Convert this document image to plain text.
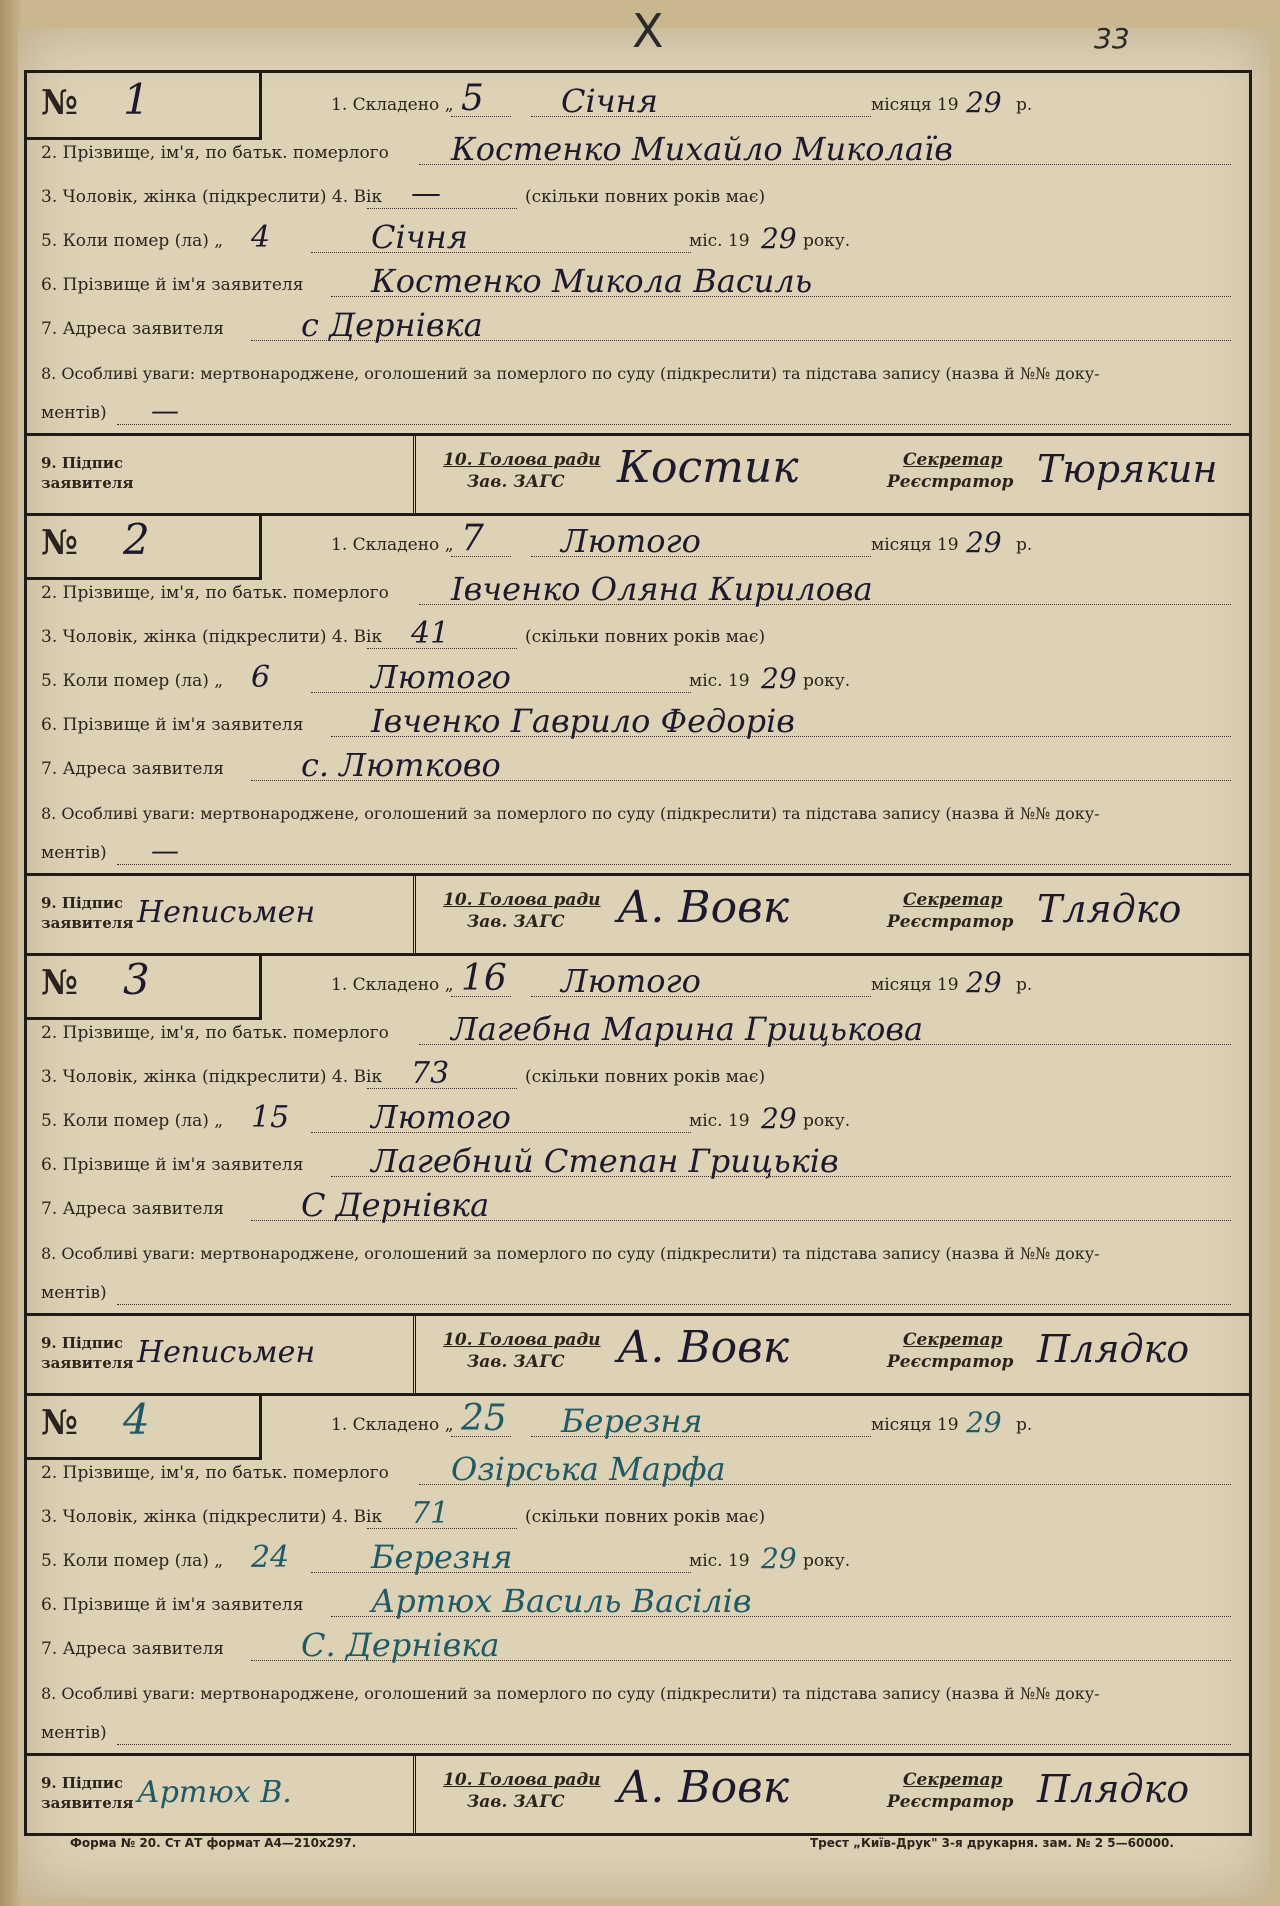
X	33
№ 1	1. Складено „ 5 Січня	місяця 19 29 р.
2. Прізвище, ім'я, по батьк. померлого Костенко Михайло Миколаїв
3. Чоловік, жінка (підкреслити) 4. Вік —	(скільки повних років має)
5. Коли помер (ла) „ 4	Січня	міс. 19 29 року.
6. Прізвище й ім'я заявителя Костенко Микола Василь
7. Адреса заявителя с Дернівка
8. Особливі уваги: мертвонароджене, оголошений за померлого по суду (підкреслити) та підстава запису (назва й №№ доку-
ментів) —
9. Підпис
заявителя
10. Голова ради
Зав. ЗАГС Костик	Секретар
Реєстратор Тюрякин
№ 2	1. Складено „ 7 Лютого	місяця 19 29 р.
2. Прізвище, ім'я, по батьк. померлого Івченко Оляна Кирилова
3. Чоловік, жінка (підкреслити) 4. Вік 41	(скільки повних років має)
5. Коли помер (ла) „ 6	Лютого	міс. 19 29 року.
6. Прізвище й ім'я заявителя Івченко Гаврило Федорів
7. Адреса заявителя с. Лютково
8. Особливі уваги: мертвонароджене, оголошений за померлого по суду (підкреслити) та підстава запису (назва й №№ доку-
ментів) —
9. Підпис
заявителя Неписьмен	10. Голова ради
Зав. ЗАГС А. Вовк	Секретар
Реєстратор Тлядко
№ 3	1. Складено „ 16 Лютого	місяця 19 29 р.
2. Прізвище, ім'я, по батьк. померлого Лагебна Марина Грицькова
3. Чоловік, жінка (підкреслити) 4. Вік 73	(скільки повних років має)
5. Коли помер (ла) „ 15	Лютого	міс. 19 29 року.
6. Прізвище й ім'я заявителя Лагебний Степан Грицьків
7. Адреса заявителя С Дернівка
8. Особливі уваги: мертвонароджене, оголошений за померлого по суду (підкреслити) та підстава запису (назва й №№ доку-
ментів)
9. Підпис
заявителя Неписьмен	10. Голова ради
Зав. ЗАГС А. Вовк	Секретар
Реєстратор Плядко
№ 4	1. Складено „ 25 Березня	місяця 19 29 р.
2. Прізвище, ім'я, по батьк. померлого Озірська Марфа
3. Чоловік, жінка (підкреслити) 4. Вік 71	(скільки повних років має)
5. Коли помер (ла) „ 24	Березня	міс. 19 29 року.
6. Прізвище й ім'я заявителя Артюх Василь Васілів
7. Адреса заявителя С. Дернівка
8. Особливі уваги: мертвонароджене, оголошений за померлого по суду (підкреслити) та підстава запису (назва й №№ доку-
ментів)
9. Підпис
заявителя Артюх В.	10. Голова ради
Зав. ЗАГС А. Вовк	Секретар
Реєстратор Плядко
Форма № 20. Ст АТ формат А4—210х297.	Трест „Київ-Друк" 3-я друкарня. зам. № 2 5—60000.
